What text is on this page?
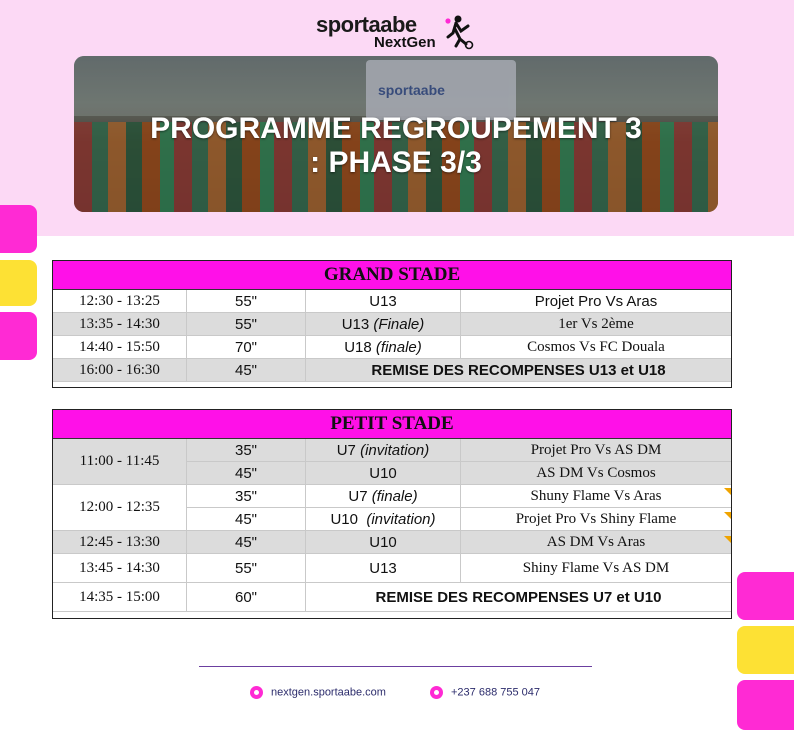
sportaabe
NextGen
sportaabe
PROGRAMME REGROUPEMENT 3
: PHASE 3/3
GRAND STADE			
12:30 - 13:25	55"	U13	Projet Pro Vs Aras
13:35 - 14:30	55"	U13 (Finale)	1er Vs 2ème
14:40 - 15:50	70"	U18 (finale)	Cosmos Vs FC Douala
16:00 - 16:30	45"	REMISE DES RECOMPENSES U13 et U18	
PETIT STADE			
11:00 - 11:45	35"	U7 (invitation)	Projet Pro Vs AS DM
	45"	U10	AS DM Vs Cosmos
12:00 - 12:35	35"	U7 (finale)	Shuny Flame Vs Aras
	45"	U10 (invitation)	Projet Pro Vs Shiny Flame
12:45 - 13:30	45"	U10	AS DM Vs Aras
13:45 - 14:30	55"	U13	Shiny Flame Vs AS DM
14:35 - 15:00	60"	REMISE DES RECOMPENSES U7 et U10	
nextgen.sportaabe.com	+237 688 755 047
